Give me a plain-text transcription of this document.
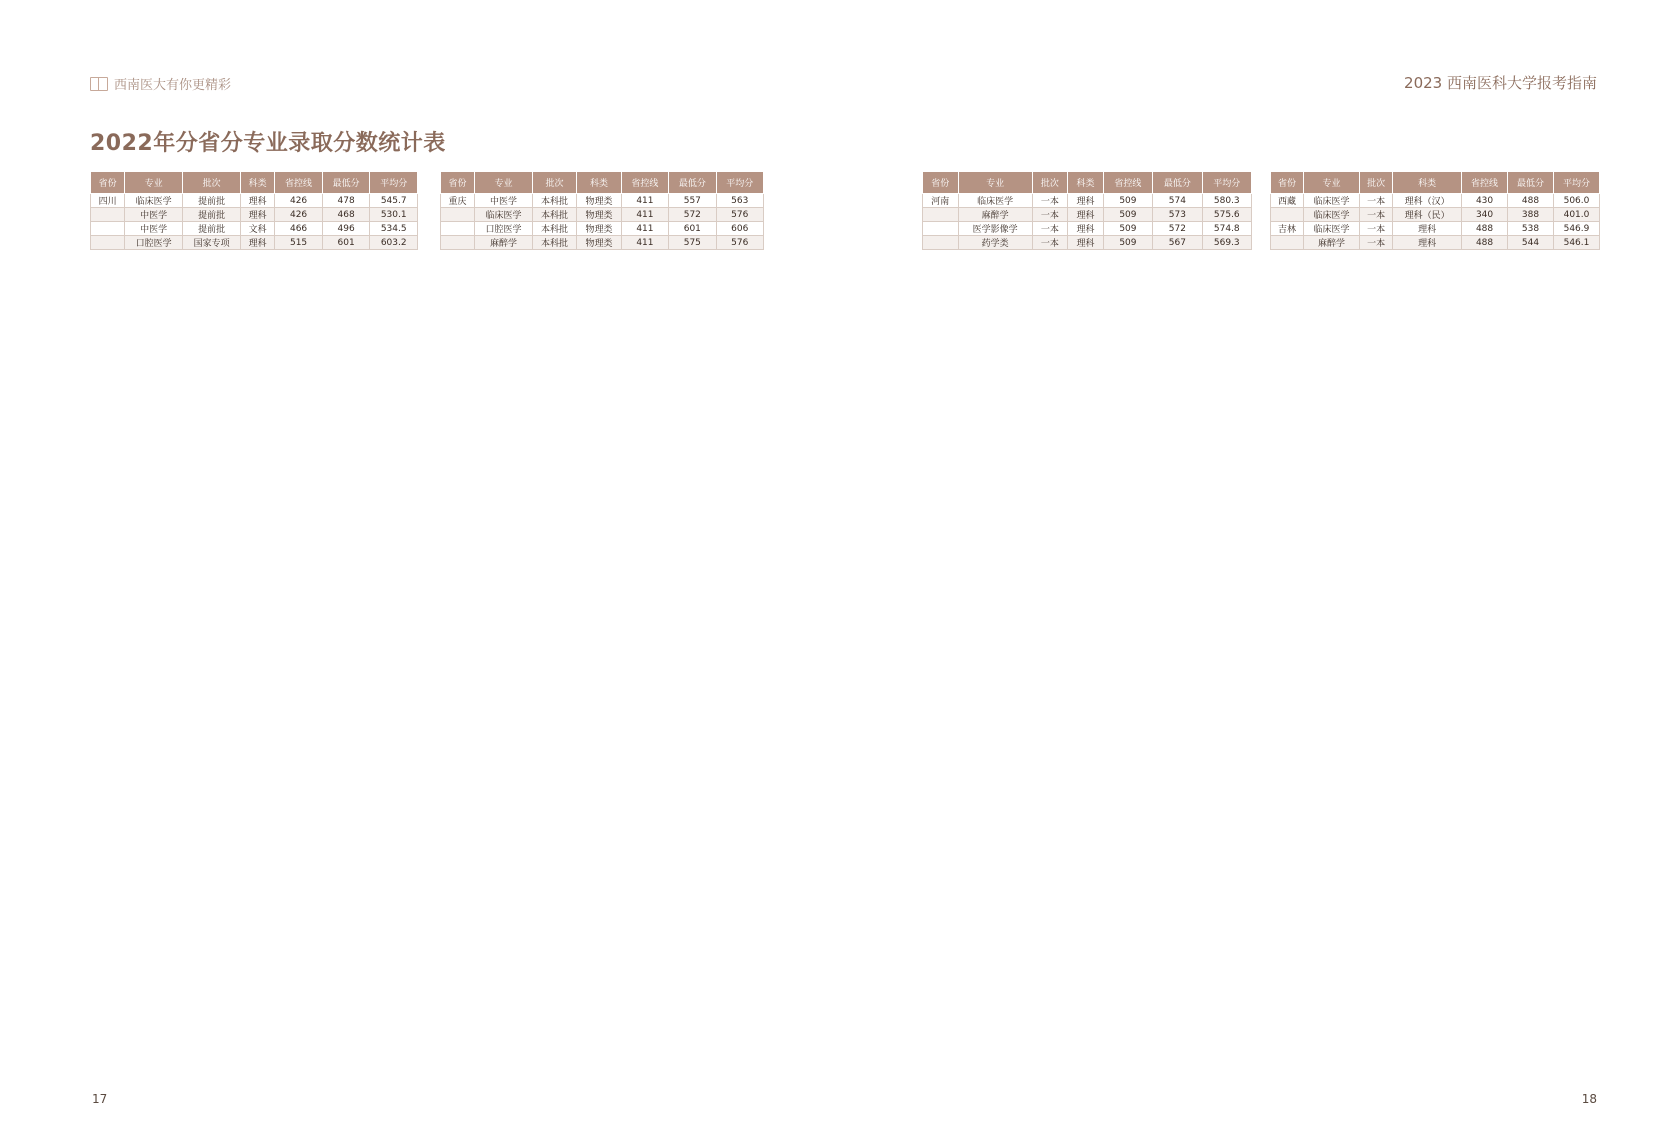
西南医大有你更精彩
2022年分省分专业录取分数统计表
省份	专业	批次	科类	省控线	最低分	平均分
四川	临床医学	提前批	理科	426	478	545.7
	中医学	提前批	理科	426	468	530.1
	中医学	提前批	文科	466	496	534.5
	口腔医学	国家专项	理科	515	601	603.2
省份	专业	批次	科类	省控线	最低分	平均分
重庆	中医学	本科批	物理类	411	557	563
	临床医学	本科批	物理类	411	572	576
	口腔医学	本科批	物理类	411	601	606
	麻醉学	本科批	物理类	411	575	576
17
2023 西南医科大学报考指南
省份	专业	批次	科类	省控线	最低分	平均分
河南	临床医学	一本	理科	509	574	580.3
	麻醉学	一本	理科	509	573	575.6
	医学影像学	一本	理科	509	572	574.8
	药学类	一本	理科	509	567	569.3
省份	专业	批次	科类	省控线	最低分	平均分
西藏	临床医学	一本	理科（汉）	430	488	506.0
	临床医学	一本	理科（民）	340	388	401.0
吉林	临床医学	一本	理科	488	538	546.9
	麻醉学	一本	理科	488	544	546.1
18
